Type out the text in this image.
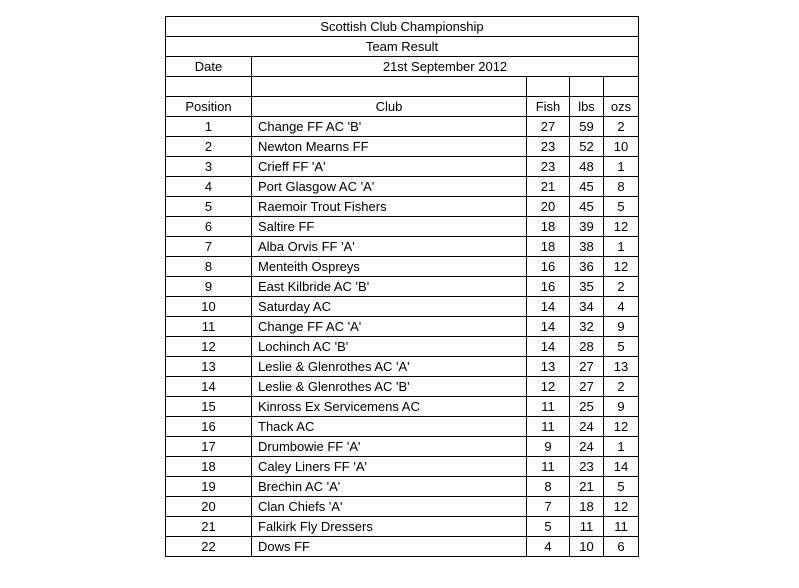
Scottish Club Championship				
Team Result				
Date	21st September 2012			

Position	Club	Fish	lbs	ozs
1	Change FF AC 'B'	27	59	2
2	Newton Mearns FF	23	52	10
3	Crieff FF 'A'	23	48	1
4	Port Glasgow AC 'A'	21	45	8
5	Raemoir Trout Fishers	20	45	5
6	Saltire FF	18	39	12
7	Alba Orvis FF 'A'	18	38	1
8	Menteith Ospreys	16	36	12
9	East Kilbride AC 'B'	16	35	2
10	Saturday AC	14	34	4
11	Change FF AC 'A'	14	32	9
12	Lochinch AC 'B'	14	28	5
13	Leslie & Glenrothes AC 'A'	13	27	13
14	Leslie & Glenrothes AC 'B'	12	27	2
15	Kinross Ex Servicemens AC	11	25	9
16	Thack AC	11	24	12
17	Drumbowie FF 'A'	9	24	1
18	Caley Liners FF 'A'	11	23	14
19	Brechin AC 'A'	8	21	5
20	Clan Chiefs 'A'	7	18	12
21	Falkirk Fly Dressers	5	11	11
22	Dows FF	4	10	6
